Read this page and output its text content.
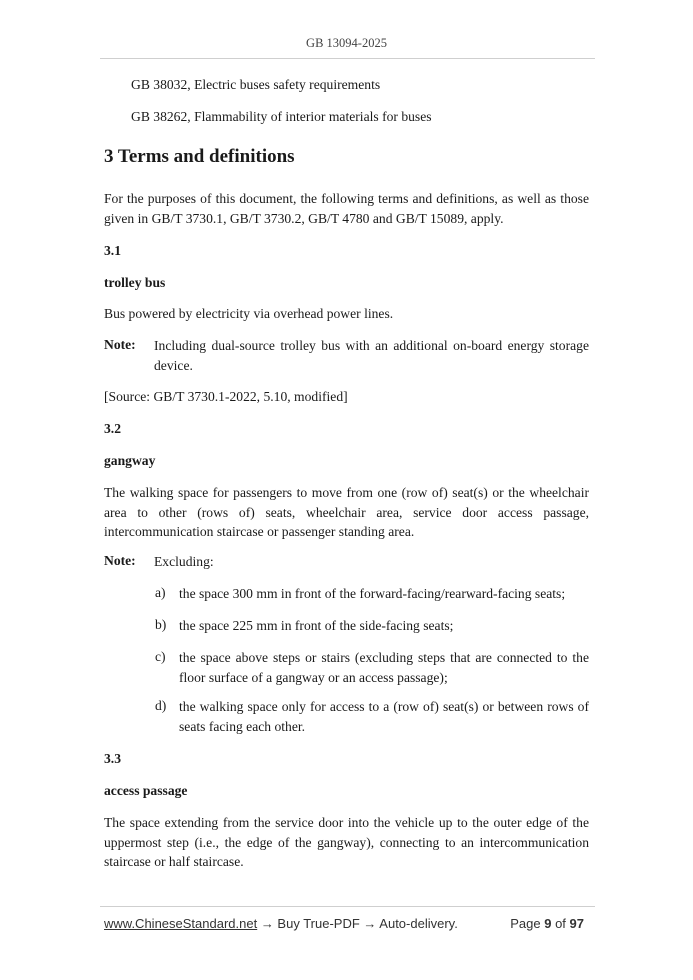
GB 13094-2025

GB 38032, Electric buses safety requirements

GB 38262, Flammability of interior materials for buses

3 Terms and definitions

For the purposes of this document, the following terms and definitions, as well as those given in GB/T 3730.1, GB/T 3730.2, GB/T 4780 and GB/T 15089, apply.

3.1

trolley bus

Bus powered by electricity via overhead power lines.

Note: Including dual-source trolley bus with an additional on-board energy storage device.

[Source: GB/T 3730.1-2022, 5.10, modified]

3.2

gangway

The walking space for passengers to move from one (row of) seat(s) or the wheelchair area to other (rows of) seats, wheelchair area, service door access passage, intercommunication staircase or passenger standing area.

Note: Excluding:

a) the space 300 mm in front of the forward-facing/rearward-facing seats;

b) the space 225 mm in front of the side-facing seats;

c) the space above steps or stairs (excluding steps that are connected to the floor surface of a gangway or an access passage);

d) the walking space only for access to a (row of) seat(s) or between rows of seats facing each other.

3.3

access passage

The space extending from the service door into the vehicle up to the outer edge of the uppermost step (i.e., the edge of the gangway), connecting to an intercommunication staircase or half staircase.

www.ChineseStandard.net → Buy True-PDF → Auto-delivery.	Page 9 of 97
